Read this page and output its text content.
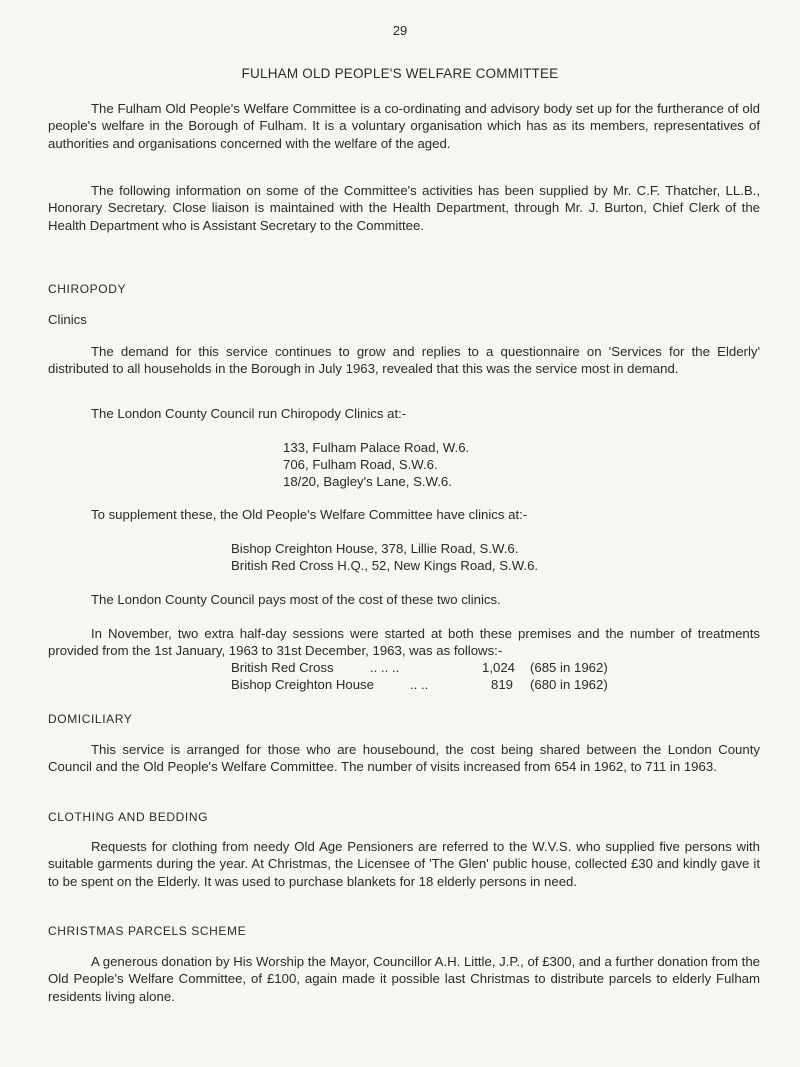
29
FULHAM OLD PEOPLE'S WELFARE COMMITTEE

The Fulham Old People's Welfare Committee is a co-ordinating and advisory body set up for the furtherance of old people's welfare in the Borough of Fulham. It is a voluntary organisation which has as its members, representatives of authorities and organisations concerned with the welfare of the aged.

The following information on some of the Committee's activities has been supplied by Mr. C.F. Thatcher, LL.B., Honorary Secretary. Close liaison is maintained with the Health Department, through Mr. J. Burton, Chief Clerk of the Health Department who is Assistant Secretary to the Committee.

CHIROPODY

Clinics

The demand for this service continues to grow and replies to a questionnaire on 'Services for the Elderly' distributed to all households in the Borough in July 1963, revealed that this was the service most in demand.

The London County Council run Chiropody Clinics at:-

133, Fulham Palace Road, W.6.

706, Fulham Road, S.W.6.

18/20, Bagley's Lane, S.W.6.

To supplement these, the Old People's Welfare Committee have clinics at:-

Bishop Creighton House, 378, Lillie Road, S.W.6.

British Red Cross H.Q., 52, New Kings Road, S.W.6.

The London County Council pays most of the cost of these two clinics.

In November, two extra half-day sessions were started at both these premises and the number of treatments provided from the 1st January, 1963 to 31st December, 1963, was as follows:-

British Red Cross	.. .. ..	1,024 (685 in 1962)
Bishop Creighton House	.. ..	819 (680 in 1962)

DOMICILIARY

This service is arranged for those who are housebound, the cost being shared between the London County Council and the Old People's Welfare Committee. The number of visits increased from 654 in 1962, to 711 in 1963.

CLOTHING AND BEDDING

Requests for clothing from needy Old Age Pensioners are referred to the W.V.S. who supplied five persons with suitable garments during the year. At Christmas, the Licensee of 'The Glen' public house, collected £30 and kindly gave it to be spent on the Elderly. It was used to purchase blankets for 18 elderly persons in need.

CHRISTMAS PARCELS SCHEME

A generous donation by His Worship the Mayor, Councillor A.H. Little, J.P., of £300, and a further donation from the Old People's Welfare Committee, of £100, again made it possible last Christmas to distribute parcels to elderly Fulham residents living alone.
